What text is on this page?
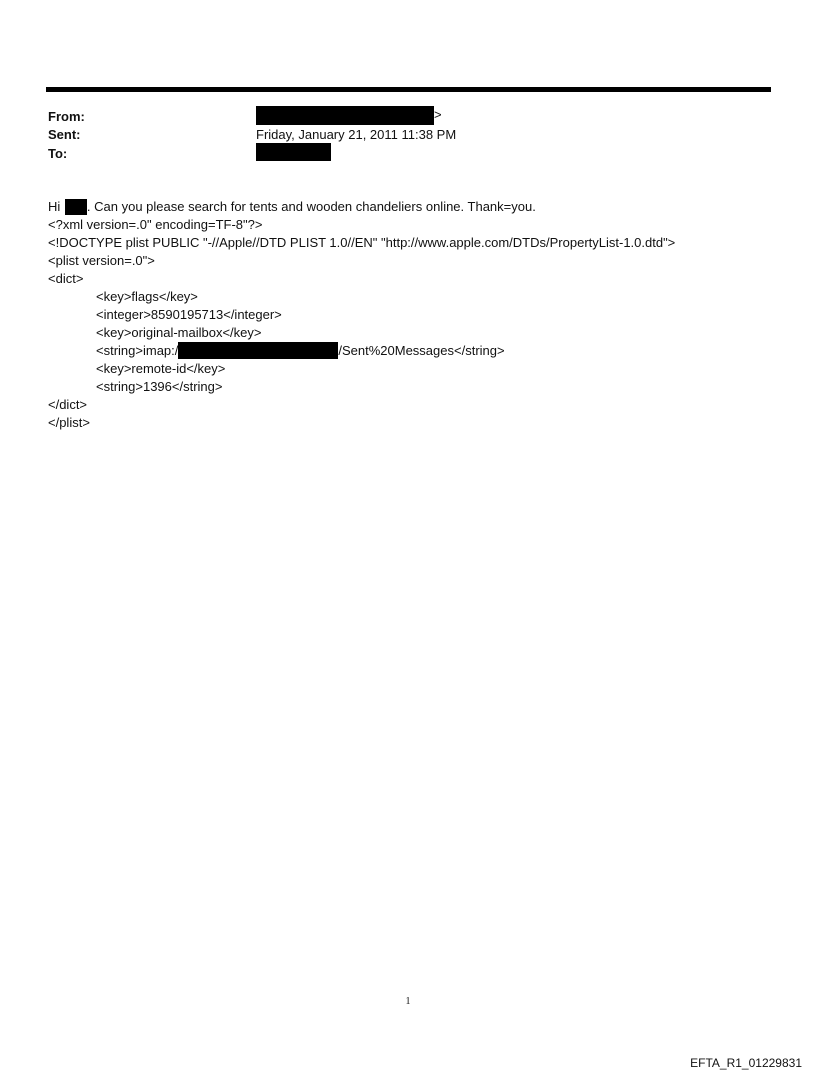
From:	>
Sent:	Friday, January 21, 2011 11:38 PM
To:
Hi . Can you please search for tents and wooden chandeliers online. Thank=you.
<?xml version=.0" encoding=TF-8"?>
<!DOCTYPE plist PUBLIC "-//Apple//DTD PLIST 1.0//EN" "http://www.apple.com/DTDs/PropertyList-1.0.dtd">
<plist version=.0">
<dict>
<key>flags</key>
<integer>8590195713</integer>
<key>original-mailbox</key>
<string>imap:/	/Sent%20Messages</string>
<key>remote-id</key>
<string>1396</string>
</dict>
</plist>
1
EFTA_R1_01229831
